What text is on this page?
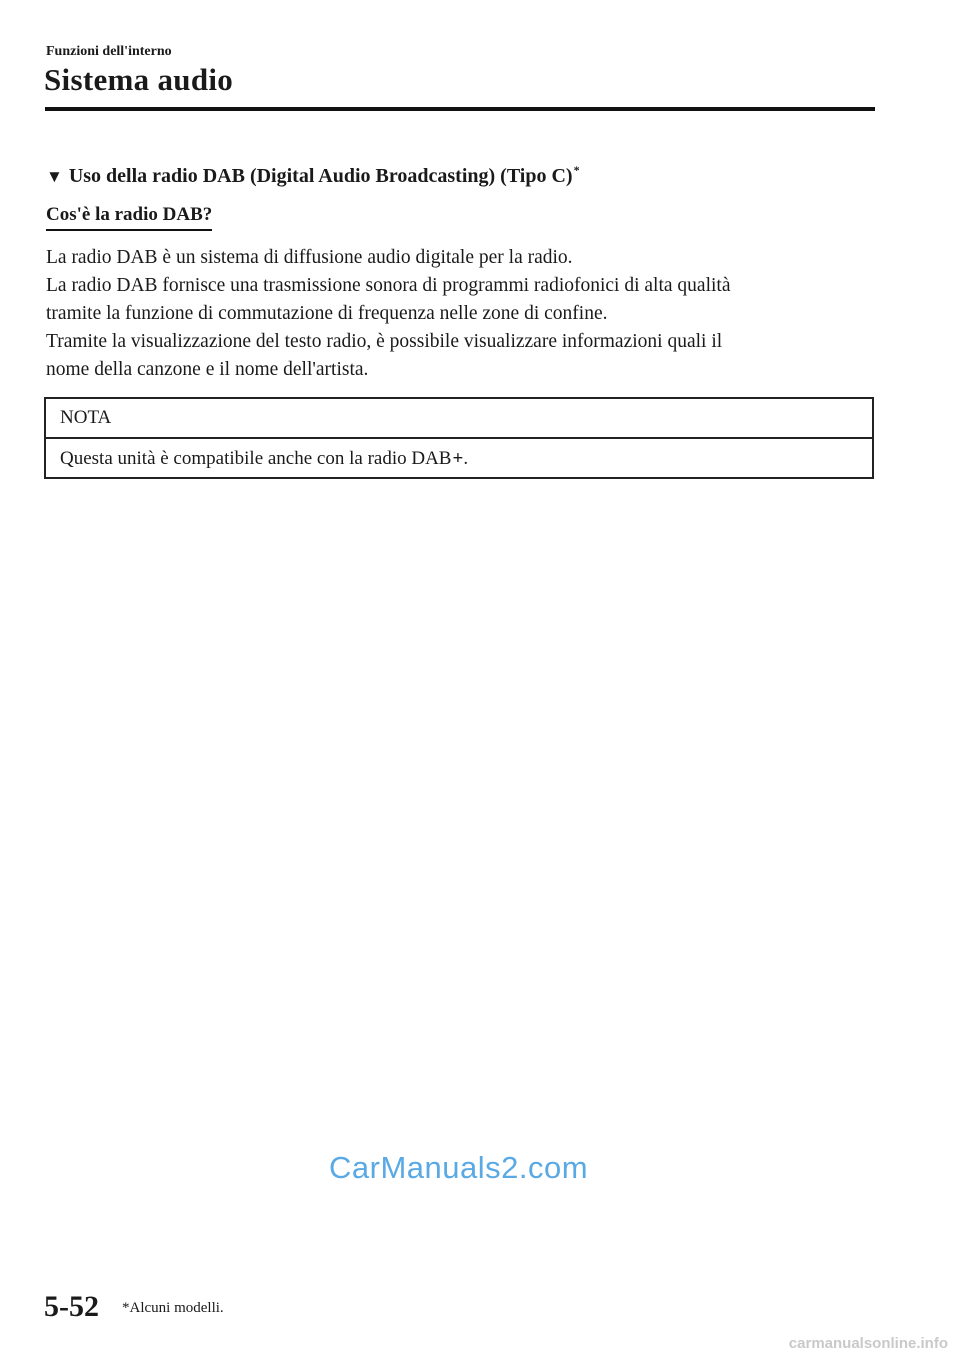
Funzioni dell'interno
Sistema audio
▼ Uso della radio DAB (Digital Audio Broadcasting) (Tipo C)*
Cos'è la radio DAB?

La radio DAB è un sistema di diffusione audio digitale per la radio.

La radio DAB fornisce una trasmissione sonora di programmi radiofonici di alta qualità

tramite la funzione di commutazione di frequenza nelle zone di confine.

Tramite la visualizzazione del testo radio, è possibile visualizzare informazioni quali il

nome della canzone e il nome dell'artista.

NOTA
Questa unità è compatibile anche con la radio DAB+.
CarManuals2.com
5-52 *Alcuni modelli.
carmanualsonline.info
